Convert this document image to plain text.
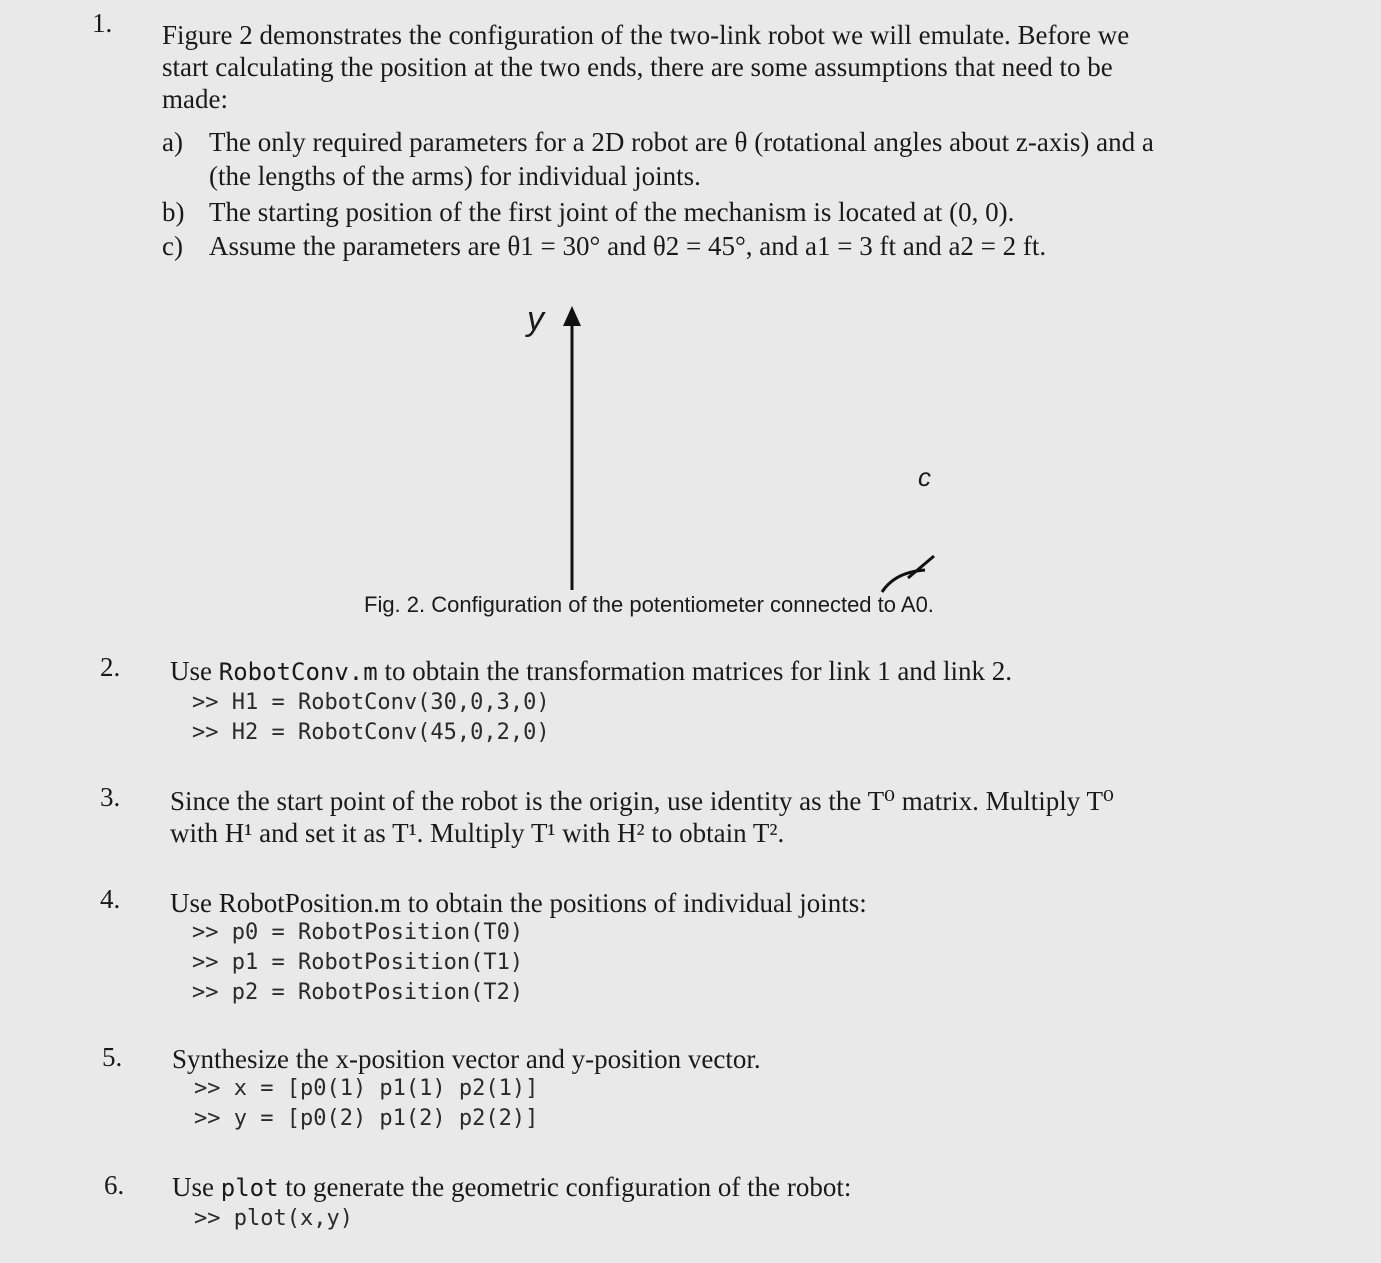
1. Figure 2 demonstrates the configuration of the two-link robot we will emulate. Before we
start calculating the position at the two ends, there are some assumptions that need to be
made:
a) The only required parameters for a 2D robot are θ (rotational angles about z-axis) and a
(the lengths of the arms) for individual joints.
b) The starting position of the first joint of the mechanism is located at (0, 0).
c) Assume the parameters are θ1 = 30° and θ2 = 45°, and a1 = 3 ft and a2 = 2 ft.
y
c
Fig. 2. Configuration of the potentiometer connected to A0.
2. Use RobotConv.m to obtain the transformation matrices for link 1 and link 2.
>> H1 = RobotConv(30,0,3,0)
>> H2 = RobotConv(45,0,2,0)
3. Since the start point of the robot is the origin, use identity as the T⁰ matrix. Multiply T⁰
with H¹ and set it as T¹. Multiply T¹ with H² to obtain T².
4. Use RobotPosition.m to obtain the positions of individual joints:
>> p0 = RobotPosition(T0)
>> p1 = RobotPosition(T1)
>> p2 = RobotPosition(T2)
5. Synthesize the x-position vector and y-position vector.
>> x = [p0(1) p1(1) p2(1)]
>> y = [p0(2) p1(2) p2(2)]
6. Use plot to generate the geometric configuration of the robot:
>> plot(x,y)
